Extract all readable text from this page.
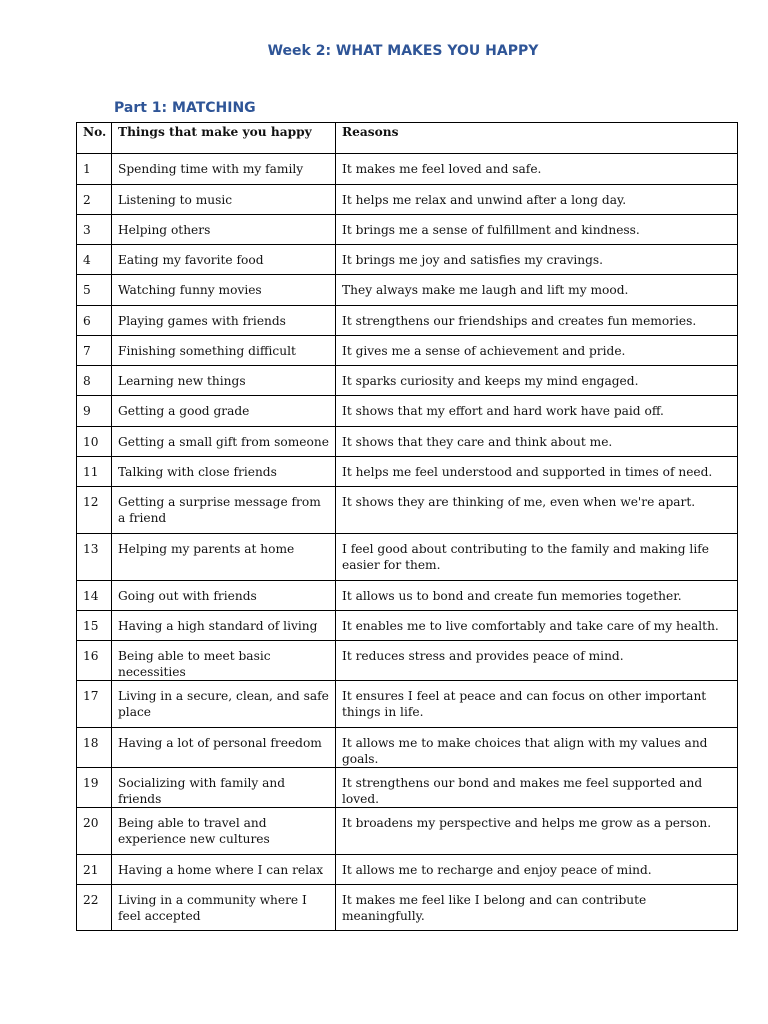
Week 2: WHAT MAKES YOU HAPPY
Part 1: MATCHING
No.	Things that make you happy	Reasons
1	Spending time with my family	It makes me feel loved and safe.
2	Listening to music	It helps me relax and unwind after a long day.
3	Helping others	It brings me a sense of fulfillment and kindness.
4	Eating my favorite food	It brings me joy and satisfies my cravings.
5	Watching funny movies	They always make me laugh and lift my mood.
6	Playing games with friends	It strengthens our friendships and creates fun memories.
7	Finishing something difficult	It gives me a sense of achievement and pride.
8	Learning new things	It sparks curiosity and keeps my mind engaged.
9	Getting a good grade	It shows that my effort and hard work have paid off.
10	Getting a small gift from someone	It shows that they care and think about me.
11	Talking with close friends	It helps me feel understood and supported in times of need.
12	Getting a surprise message from a friend	It shows they are thinking of me, even when we're apart.
13	Helping my parents at home	I feel good about contributing to the family and making life easier for them.
14	Going out with friends	It allows us to bond and create fun memories together.
15	Having a high standard of living	It enables me to live comfortably and take care of my health.
16	Being able to meet basic necessities	It reduces stress and provides peace of mind.
17	Living in a secure, clean, and safe place	It ensures I feel at peace and can focus on other important things in life.
18	Having a lot of personal freedom	It allows me to make choices that align with my values and goals.
19	Socializing with family and friends	It strengthens our bond and makes me feel supported and loved.
20	Being able to travel and experience new cultures	It broadens my perspective and helps me grow as a person.
21	Having a home where I can relax	It allows me to recharge and enjoy peace of mind.
22	Living in a community where I feel accepted	It makes me feel like I belong and can contribute meaningfully.
